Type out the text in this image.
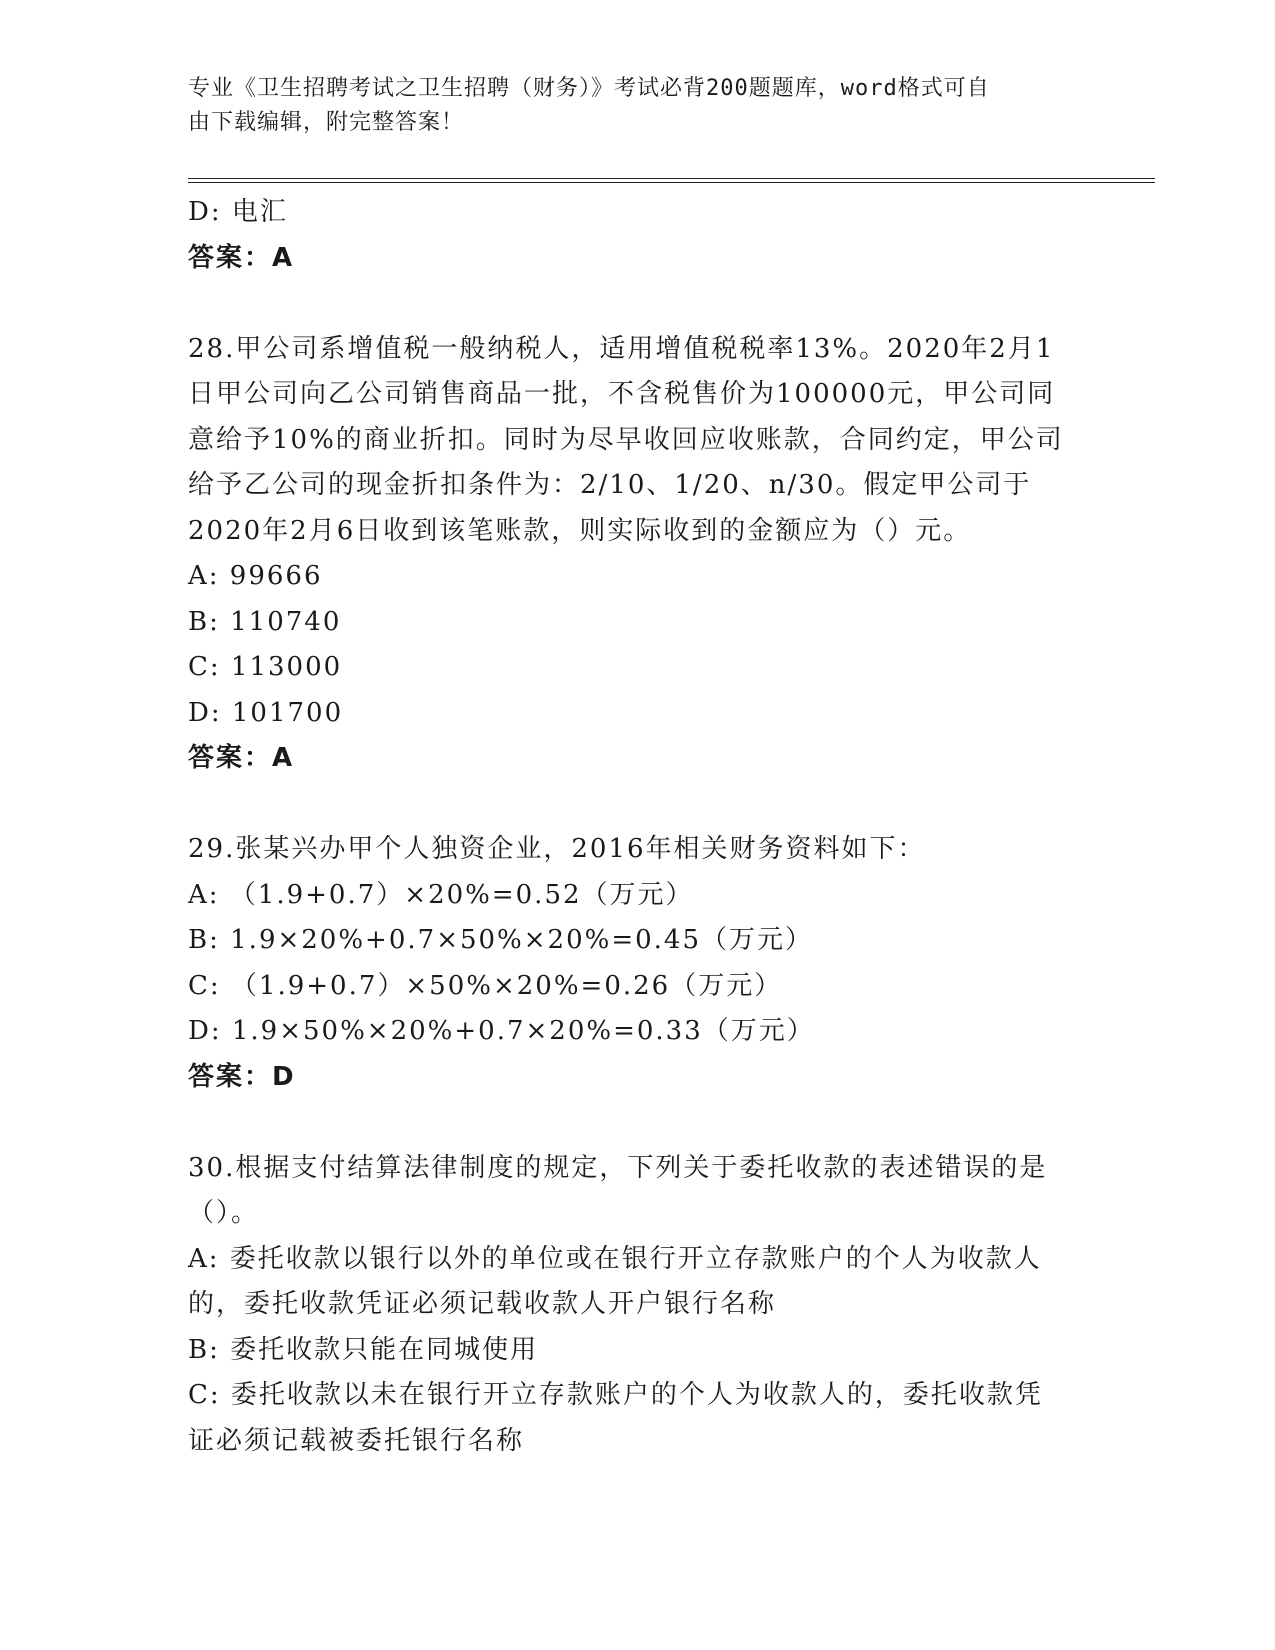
专业《卫生招聘考试之卫生招聘（财务）》考试必背200题题库，word格式可自
由下载编辑，附完整答案！
D: 电汇
答案：A
28.甲公司系增值税一般纳税人，适用增值税税率13%。2020年2月1
日甲公司向乙公司销售商品一批，不含税售价为100000元，甲公司同
意给予10%的商业折扣。同时为尽早收回应收账款，合同约定，甲公司
给予乙公司的现金折扣条件为：2/10、1/20、n/30。假定甲公司于
2020年2月6日收到该笔账款，则实际收到的金额应为（）元。
A: 99666
B: 110740
C: 113000
D: 101700
答案：A
29.张某兴办甲个人独资企业，2016年相关财务资料如下：
A: （1.9+0.7）×20%=0.52（万元）
B: 1.9×20%+0.7×50%×20%=0.45（万元）
C: （1.9+0.7）×50%×20%=0.26（万元）
D: 1.9×50%×20%+0.7×20%=0.33（万元）
答案：D
30.根据支付结算法律制度的规定，下列关于委托收款的表述错误的是
（）。
A: 委托收款以银行以外的单位或在银行开立存款账户的个人为收款人
的，委托收款凭证必须记载收款人开户银行名称
B: 委托收款只能在同城使用
C: 委托收款以未在银行开立存款账户的个人为收款人的，委托收款凭
证必须记载被委托银行名称
